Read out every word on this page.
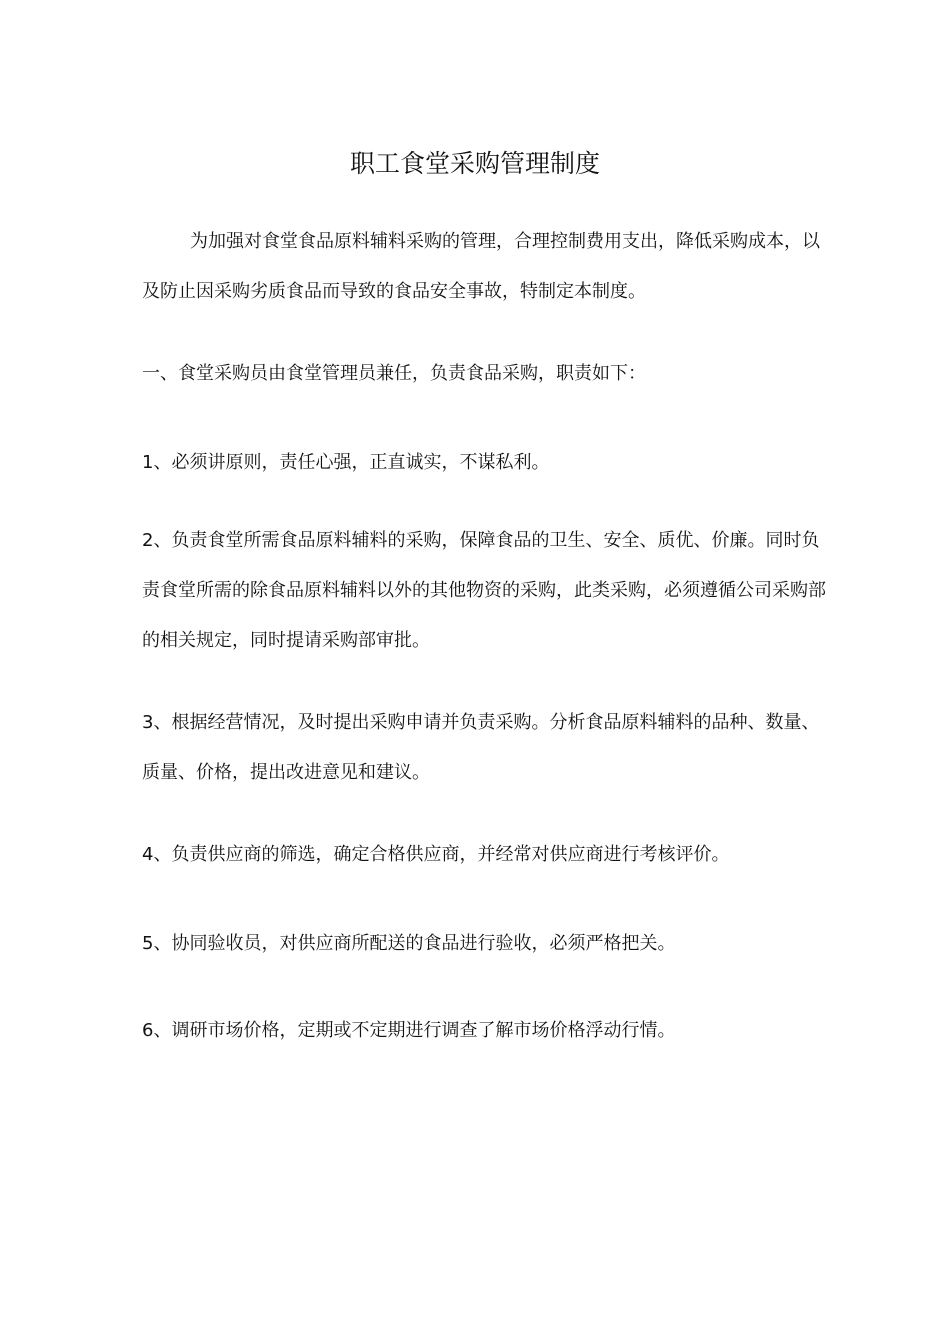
职工食堂采购管理制度

为加强对食堂食品原料辅料采购的管理，合理控制费用支出，降低采购成本，以及防止因采购劣质食品而导致的食品安全事故，特制定本制度。

一、食堂采购员由食堂管理员兼任，负责食品采购，职责如下：

1、必须讲原则，责任心强，正直诚实，不谋私利。

2、负责食堂所需食品原料辅料的采购，保障食品的卫生、安全、质优、价廉。同时负责食堂所需的除食品原料辅料以外的其他物资的采购，此类采购，必须遵循公司采购部的相关规定，同时提请采购部审批。

3、根据经营情况，及时提出采购申请并负责采购。分析食品原料辅料的品种、数量、质量、价格，提出改进意见和建议。

4、负责供应商的筛选，确定合格供应商，并经常对供应商进行考核评价。

5、协同验收员，对供应商所配送的食品进行验收，必须严格把关。

6、调研市场价格，定期或不定期进行调查了解市场价格浮动行情。
